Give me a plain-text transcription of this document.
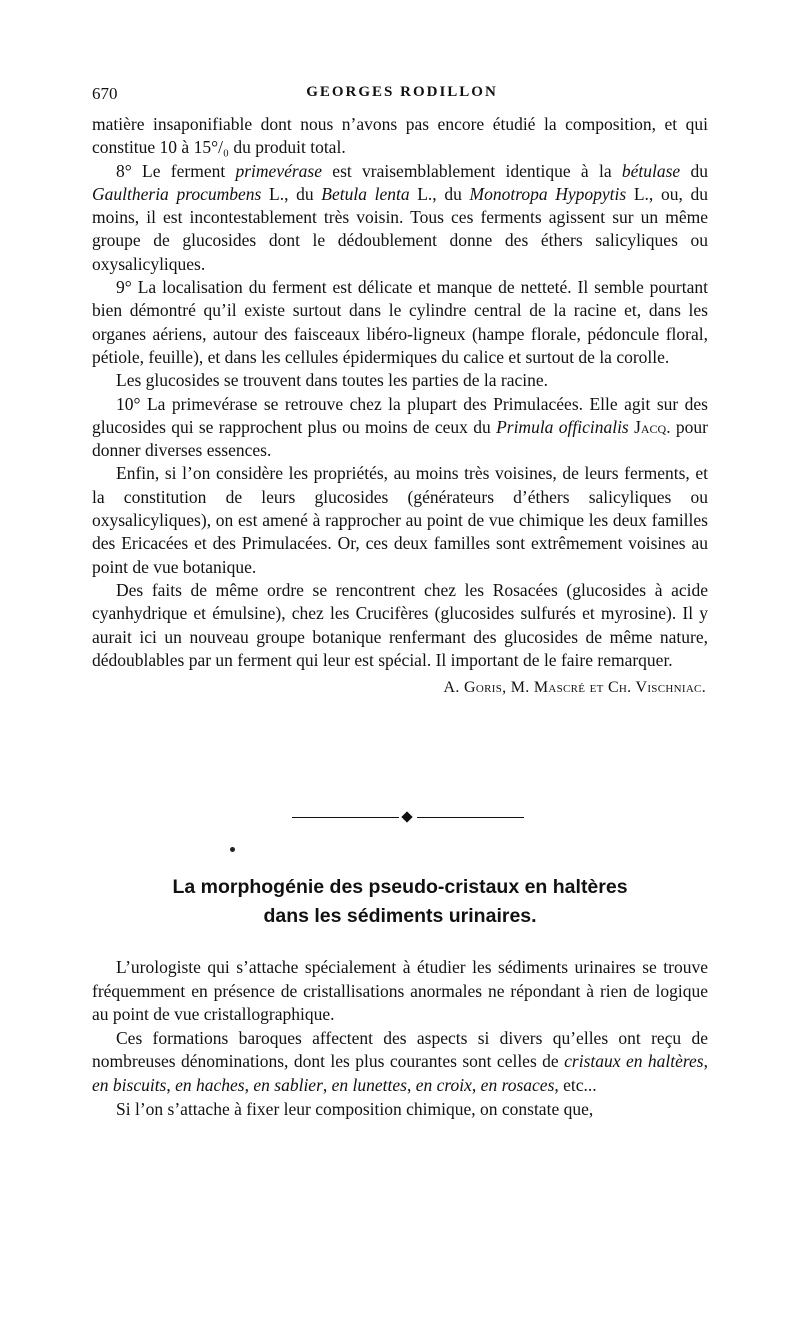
670	GEORGES RODILLON

matière insaponifiable dont nous n’avons pas encore étudié la composition, et qui constitue 10 à 15°/₀ du produit total.

8° Le ferment primevérase est vraisemblablement identique à la bétulase du Gaultheria procumbens L., du Betula lenta L., du Monotropa Hypopytis L., ou, du moins, il est incontestablement très voisin. Tous ces ferments agissent sur un même groupe de glucosides dont le dédoublement donne des éthers salicyliques ou oxysalicyliques.

9° La localisation du ferment est délicate et manque de netteté. Il semble pourtant bien démontré qu’il existe surtout dans le cylindre central de la racine et, dans les organes aériens, autour des faisceaux libéro-ligneux (hampe florale, pédoncule floral, pétiole, feuille), et dans les cellules épidermiques du calice et surtout de la corolle.

Les glucosides se trouvent dans toutes les parties de la racine.

10° La primevérase se retrouve chez la plupart des Primulacées. Elle agit sur des glucosides qui se rapprochent plus ou moins de ceux du Primula officinalis Jacq. pour donner diverses essences.

Enfin, si l’on considère les propriétés, au moins très voisines, de leurs ferments, et la constitution de leurs glucosides (générateurs d’éthers salicyliques ou oxysalicyliques), on est amené à rapprocher au point de vue chimique les deux familles des Ericacées et des Primulacées. Or, ces deux familles sont extrêmement voisines au point de vue botanique.

Des faits de même ordre se rencontrent chez les Rosacées (glucosides à acide cyanhydrique et émulsine), chez les Crucifères (glucosides sulfurés et myrosine). Il y aurait ici un nouveau groupe botanique renfermant des glucosides de même nature, dédoublables par un ferment qui leur est spécial. Il important de le faire remarquer.

A. Goris, M. Mascré et Ch. Vischniac.
La morphogénie des pseudo-cristaux en haltères
dans les sédiments urinaires.

L’urologiste qui s’attache spécialement à étudier les sédiments urinaires se trouve fréquemment en présence de cristallisations anormales ne répondant à rien de logique au point de vue cristallographique.

Ces formations baroques affectent des aspects si divers qu’elles ont reçu de nombreuses dénominations, dont les plus courantes sont celles de cristaux en haltères, en biscuits, en haches, en sablier, en lunettes, en croix, en rosaces, etc...

Si l’on s’attache à fixer leur composition chimique, on constate que,
